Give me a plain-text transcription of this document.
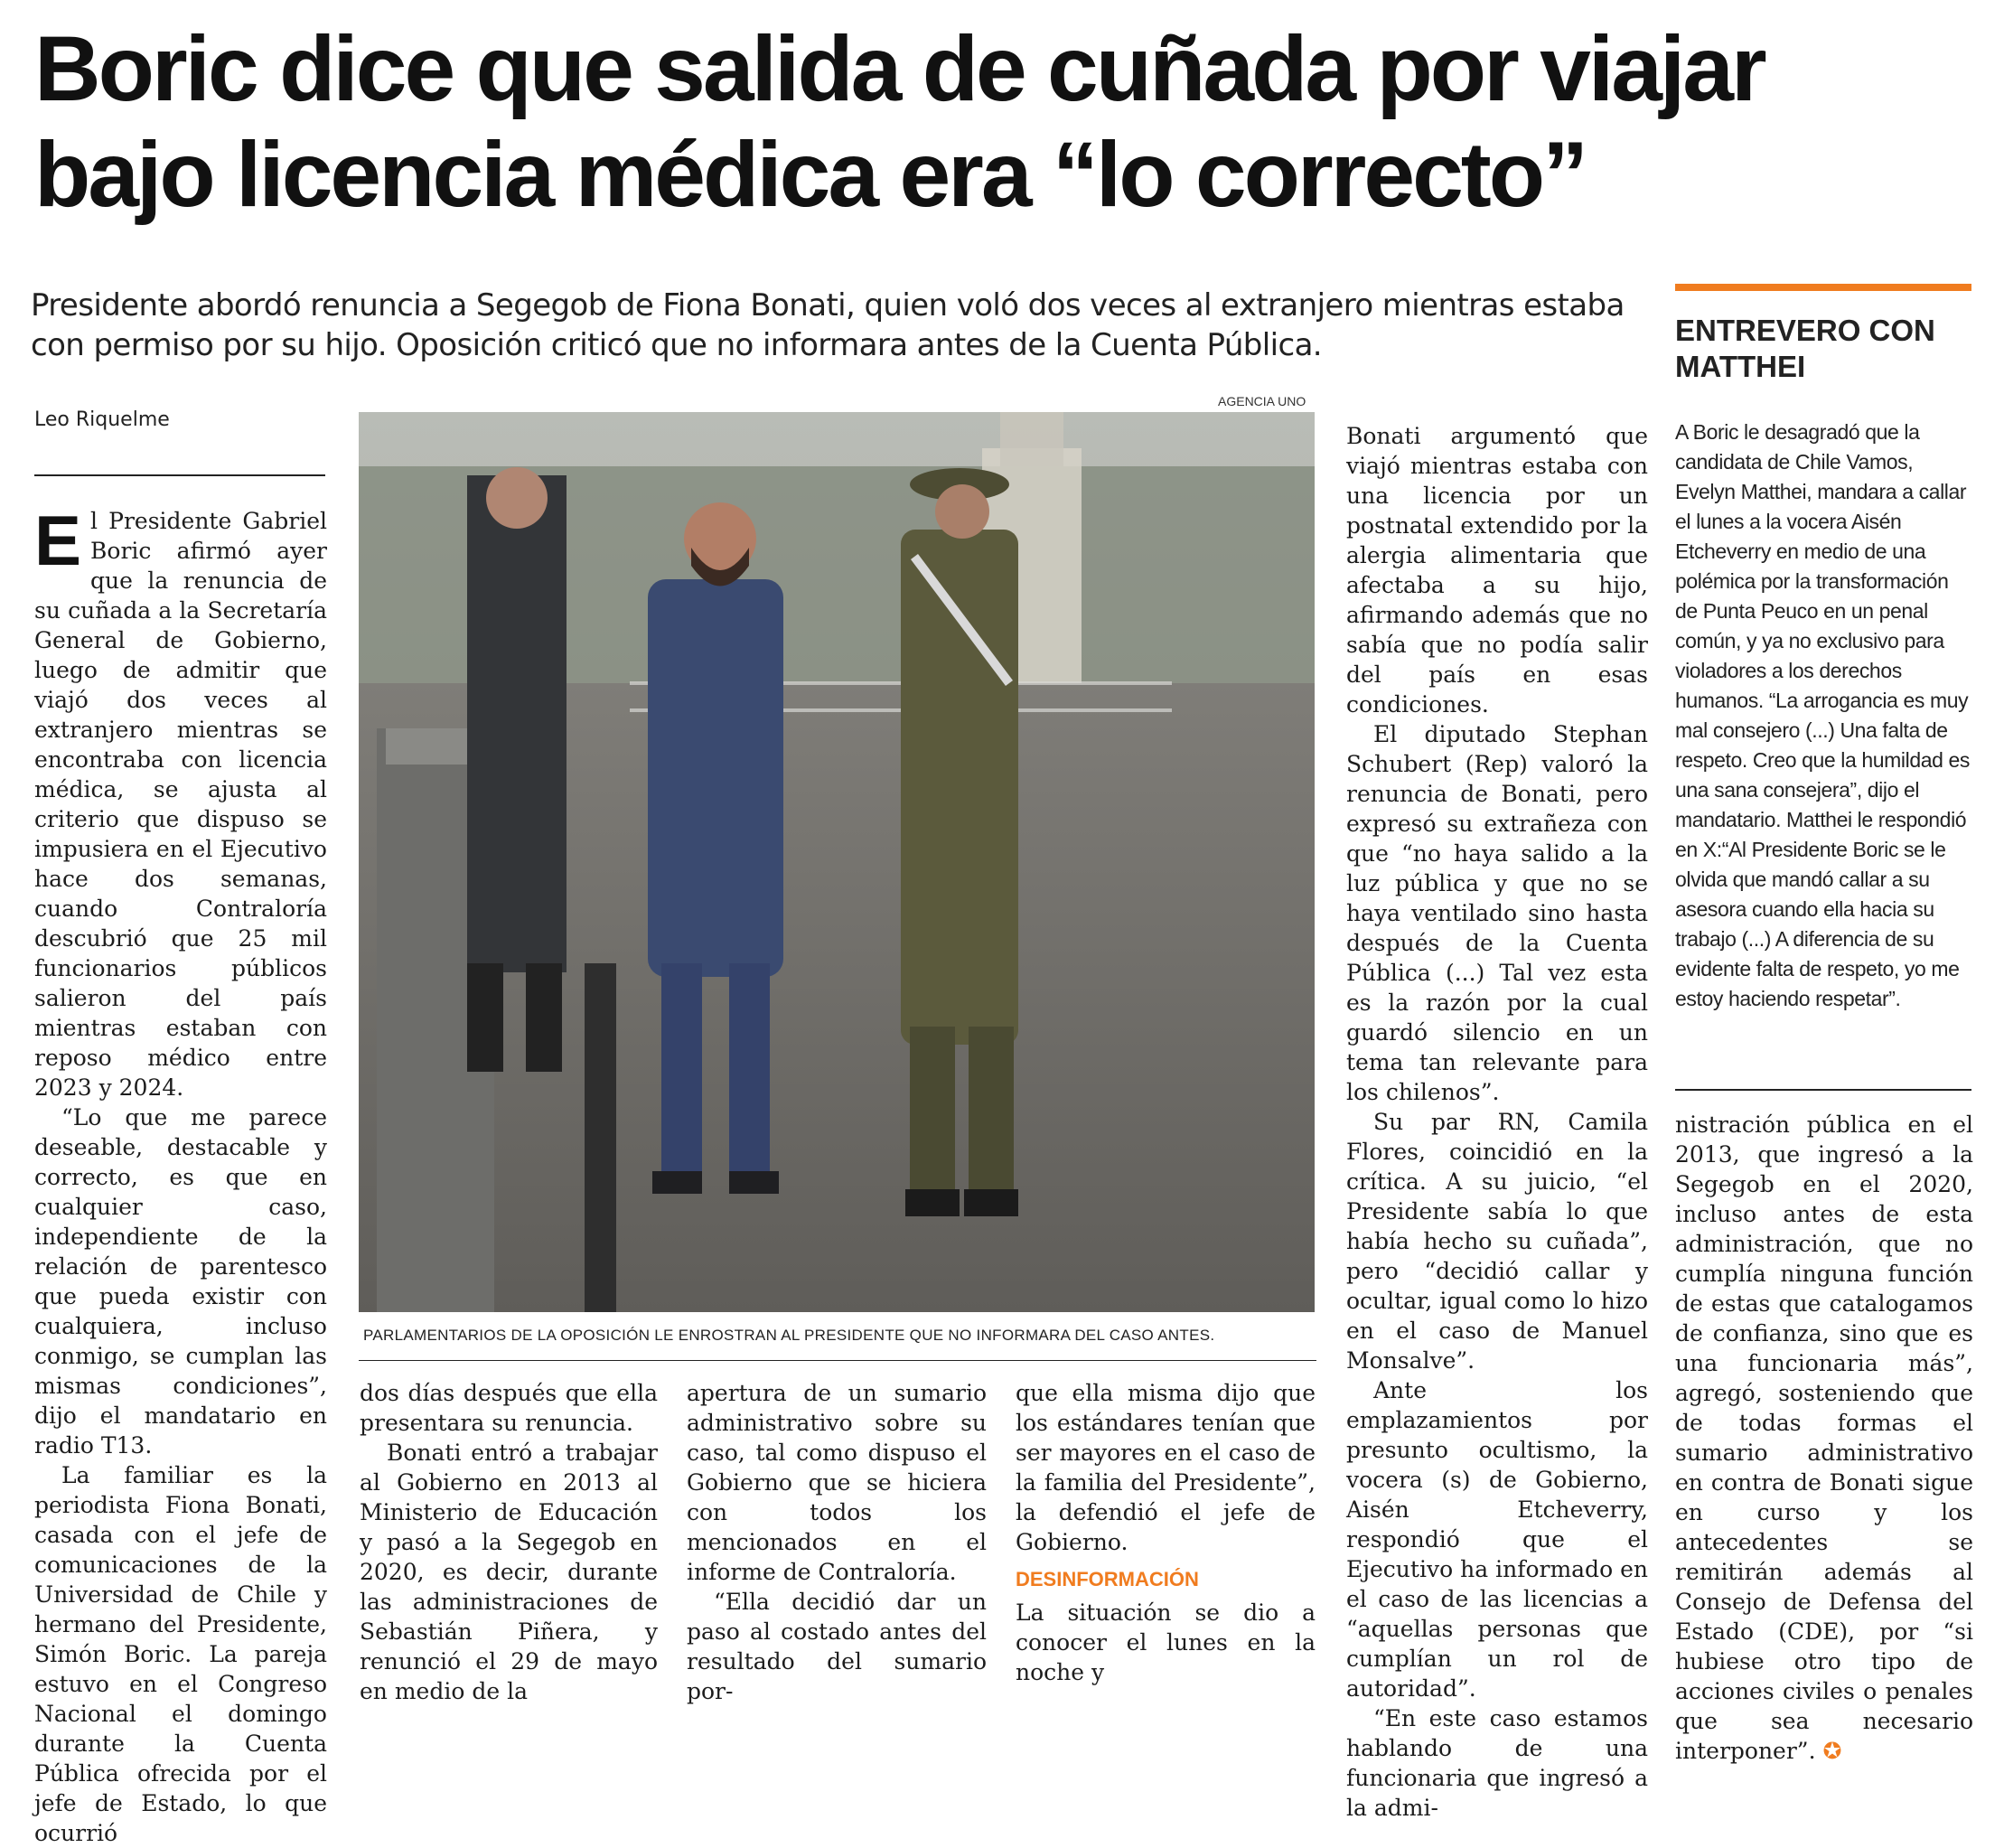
Boric dice que salida de cuñada por viajar
bajo licencia médica era “lo correcto”
Presidente abordó renuncia a Segegob de Fiona Bonati, quien voló dos veces al extranjero mientras estaba con permiso por su hijo. Oposición criticó que no informara antes de la Cuenta Pública.
Leo Riquelme

El Presidente Gabriel Boric afirmó ayer que la renuncia de su cuñada a la Secretaría General de Gobierno, luego de admitir que viajó dos veces al extranjero mientras se encontraba con licencia médica, se ajusta al criterio que dispuso se impusiera en el Ejecutivo hace dos semanas, cuando Contraloría descubrió que 25 mil funcionarios públicos salieron del país mientras estaban con reposo médico entre 2023 y 2024.

“Lo que me parece deseable, destacable y correcto, es que en cualquier caso, independiente de la relación de parentesco que pueda existir con cualquiera, incluso conmigo, se cumplan las mismas condiciones”, dijo el mandatario en radio T13.

La familiar es la periodista Fiona Bonati, casada con el jefe de comunicaciones de la Universidad de Chile y hermano del Presidente, Simón Boric. La pareja estuvo en el Congreso Nacional el domingo durante la Cuenta Pública ofrecida por el jefe de Estado, lo que ocurrió

AGENCIA UNO
PARLAMENTARIOS DE LA OPOSICIÓN LE ENROSTRAN AL PRESIDENTE QUE NO INFORMARA DEL CASO ANTES.

dos días después que ella presentara su renuncia.

Bonati entró a trabajar al Gobierno en 2013 al Ministerio de Educación y pasó a la Segegob en 2020, es decir, durante las administraciones de Sebastián Piñera, y renunció el 29 de mayo en medio de la

apertura de un sumario administrativo sobre su caso, tal como dispuso el Gobierno que se hiciera con todos los mencionados en el informe de Contraloría.

“Ella decidió dar un paso al costado antes del resultado del sumario por-

que ella misma dijo que los estándares tenían que ser mayores en el caso de la familia del Presidente”, la defendió el jefe de Gobierno.

DESINFORMACIÓN

La situación se dio a conocer el lunes en la noche y

Bonati argumentó que viajó mientras estaba con una licencia por un postnatal extendido por la alergia alimentaria que afectaba a su hijo, afirmando además que no sabía que no podía salir del país en esas condiciones.

El diputado Stephan Schubert (Rep) valoró la renuncia de Bonati, pero expresó su extrañeza con que “no haya salido a la luz pública y que no se haya ventilado sino hasta después de la Cuenta Pública (...) Tal vez esta es la razón por la cual guardó silencio en un tema tan relevante para los chilenos”.

Su par RN, Camila Flores, coincidió en la crítica. A su juicio, “el Presidente sabía lo que había hecho su cuñada”, pero “decidió callar y ocultar, igual como lo hizo en el caso de Manuel Monsalve”.

Ante los emplazamientos por presunto ocultismo, la vocera (s) de Gobierno, Aisén Etcheverry, respondió que el Ejecutivo ha informado en el caso de las licencias a “aquellas personas que cumplían un rol de autoridad”.

“En este caso estamos hablando de una funcionaria que ingresó a la admi-

ENTREVERO CON MATTHEI

A Boric le desagradó que la candidata de Chile Vamos, Evelyn Matthei, mandara a callar el lunes a la vocera Aisén Etcheverry en medio de una polémica por la transformación de Punta Peuco en un penal común, y ya no exclusivo para violadores a los derechos humanos. “La arrogancia es muy mal consejero (...) Una falta de respeto. Creo que la humildad es una sana consejera”, dijo el mandatario. Matthei le respondió en X:“Al Presidente Boric se le olvida que mandó callar a su asesora cuando ella hacia su trabajo (...) A diferencia de su evidente falta de respeto, yo me estoy haciendo respetar”.

nistración pública en el 2013, que ingresó a la Segegob en el 2020, incluso antes de esta administración, que no cumplía ninguna función de estas que catalogamos de confianza, sino que es una funcionaria más”, agregó, sosteniendo que de todas formas el sumario administrativo en contra de Bonati sigue en curso y los antecedentes se remitirán además al Consejo de Defensa del Estado (CDE), por “si hubiese otro tipo de acciones civiles o penales que sea necesario interponer”. ✪
